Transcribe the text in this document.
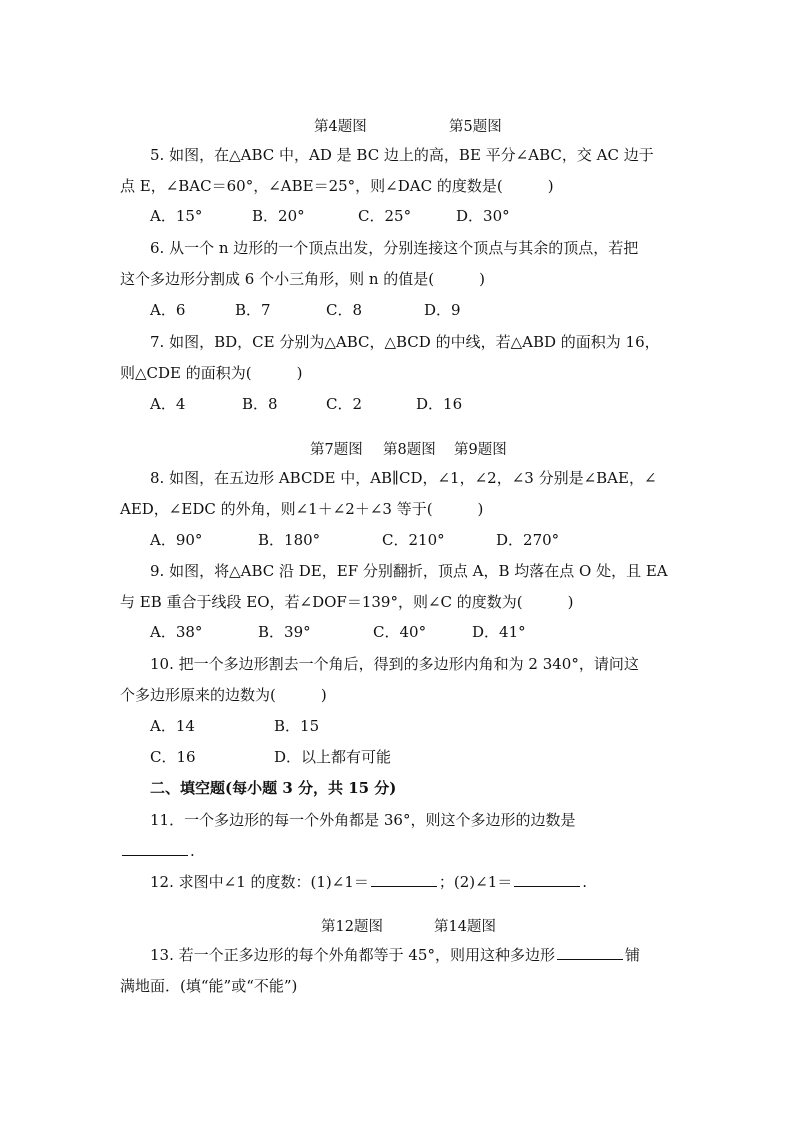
第4题图	第5题图
5. 如图，在△ABC 中，AD 是 BC 边上的高，BE 平分∠ABC，交 AC 边于
点 E，∠BAC＝60°，∠ABE＝25°，则∠DAC 的度数是(　　　)
A．15°	B．20°	C．25°	D．30°
6. 从一个 n 边形的一个顶点出发，分别连接这个顶点与其余的顶点，若把
这个多边形分割成 6 个小三角形，则 n 的值是(　　　)
A．6	B．7	C．8	D．9
7. 如图，BD，CE 分别为△ABC，△BCD 的中线，若△ABD 的面积为 16，
则△CDE 的面积为(　　　)
A．4	B．8	C．2	D．16
第7题图 第8题图 第9题图
8. 如图，在五边形 ABCDE 中，AB∥CD，∠1，∠2，∠3 分别是∠BAE，∠
AED，∠EDC 的外角，则∠1＋∠2＋∠3 等于(　　　)
A．90°	B．180°	C．210°	D．270°
9. 如图，将△ABC 沿 DE，EF 分别翻折，顶点 A，B 均落在点 O 处，且 EA
与 EB 重合于线段 EO，若∠DOF＝139°，则∠C 的度数为(　　　)
A．38°	B．39°	C．40°	D．41°
10. 把一个多边形割去一个角后，得到的多边形内角和为 2 340°，请问这
个多边形原来的边数为(　　　)
A．14	B．15
C．16	D．以上都有可能
二、填空题(每小题 3 分，共 15 分)
11．一个多边形的每一个外角都是 36°，则这个多边形的边数是
.
12. 求图中∠1 的度数：(1)∠1＝	；(2)∠1＝	.
第12题图	第14题图
13. 若一个正多边形的每个外角都等于 45°，则用这种多边形	铺
满地面．(填“能”或“不能”)
